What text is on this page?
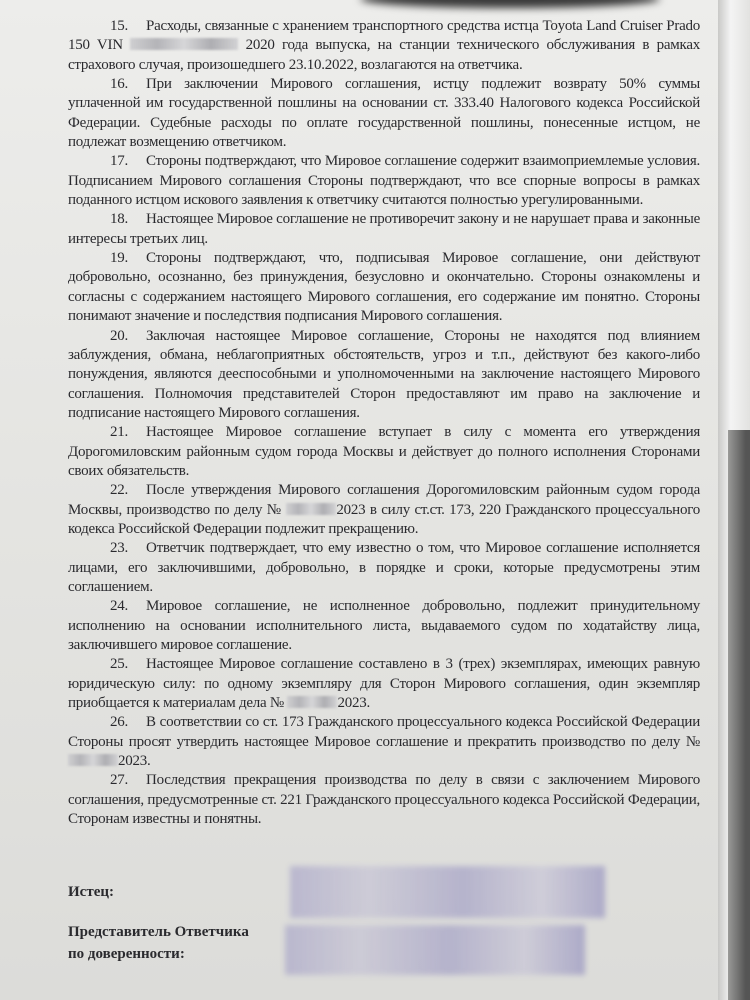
15. Расходы, связанные с хранением транспортного средства истца Toyota Land Cruiser Prado 150 VIN	2020 года выпуска, на станции технического обслуживания в рамках страхового случая, произошедшего 23.10.2022, возлагаются на ответчика.

16. При заключении Мирового соглашения, истцу подлежит возврату 50% суммы уплаченной им государственной пошлины на основании ст. 333.40 Налогового кодекса Российской Федерации. Судебные расходы по оплате государственной пошлины, понесенные истцом, не подлежат возмещению ответчиком.

17. Стороны подтверждают, что Мировое соглашение содержит взаимоприемлемые условия. Подписанием Мирового соглашения Стороны подтверждают, что все спорные вопросы в рамках поданного истцом искового заявления к ответчику считаются полностью урегулированными.

18. Настоящее Мировое соглашение не противоречит закону и не нарушает права и законные интересы третьих лиц.

19. Стороны подтверждают, что, подписывая Мировое соглашение, они действуют добровольно, осознанно, без принуждения, безусловно и окончательно. Стороны ознакомлены и согласны с содержанием настоящего Мирового соглашения, его содержание им понятно. Стороны понимают значение и последствия подписания Мирового соглашения.

20. Заключая настоящее Мировое соглашение, Стороны не находятся под влиянием заблуждения, обмана, неблагоприятных обстоятельств, угроз и т.п., действуют без какого-либо понуждения, являются дееспособными и уполномоченными на заключение настоящего Мирового соглашения. Полномочия представителей Сторон предоставляют им право на заключение и подписание настоящего Мирового соглашения.

21. Настоящее Мировое соглашение вступает в силу с момента его утверждения Дорогомиловским районным судом города Москвы и действует до полного исполнения Сторонами своих обязательств.

22. После утверждения Мирового соглашения Дорогомиловским районным судом города Москвы, производство по делу №	2023 в силу ст.ст. 173, 220 Гражданского процессуального кодекса Российской Федерации подлежит прекращению.

23. Ответчик подтверждает, что ему известно о том, что Мировое соглашение исполняется лицами, его заключившими, добровольно, в порядке и сроки, которые предусмотрены этим соглашением.

24. Мировое соглашение, не исполненное добровольно, подлежит принудительному исполнению на основании исполнительного листа, выдаваемого судом по ходатайству лица, заключившего мировое соглашение.

25. Настоящее Мировое соглашение составлено в 3 (трех) экземплярах, имеющих равную юридическую силу: по одному экземпляру для Сторон Мирового соглашения, один экземпляр приобщается к материалам дела №	2023.

26. В соответствии со ст. 173 Гражданского процессуального кодекса Российской Федерации Стороны просят утвердить настоящее Мировое соглашение и прекратить производство по делу № 2023.

27. Последствия прекращения производства по делу в связи с заключением Мирового соглашения, предусмотренные ст. 221 Гражданского процессуального кодекса Российской Федерации, Сторонам известны и понятны.

Истец:
Представитель Ответчика
по доверенности:
